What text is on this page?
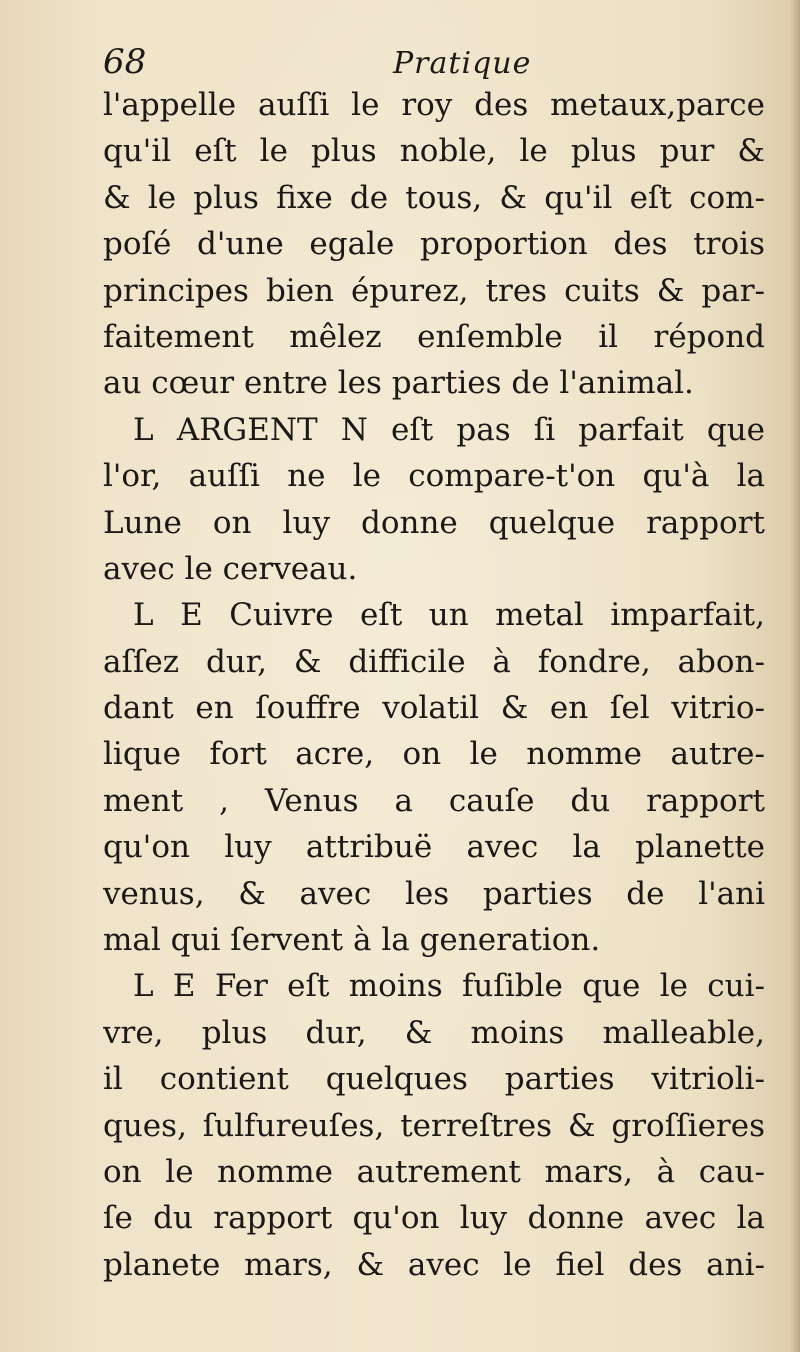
68	Pratique
l'appelle auſſi le roy des metaux,parce
qu'il eſt le plus noble, le plus pur &
& le plus fixe de tous, & qu'il eſt com-
poſé d'une egale proportion des trois
principes bien épurez, tres cuits & par-
faitement mêlez enſemble il répond
au cœur entre les parties de l'animal.
L ARGENT N eſt pas ſi parfait que
l'or, auſſi ne le compare-t'on qu'à la
Lune on luy donne quelque rapport
avec le cerveau.
L E Cuivre eſt un metal imparfait,
aſſez dur, & difficile à fondre, abon-
dant en ſouffre volatil & en ſel vitrio-
lique fort acre, on le nomme autre-
ment , Venus a cauſe du rapport
qu'on luy attribuë avec la planette
venus, & avec les parties de l'ani
mal qui ſervent à la generation.
L E Fer eſt moins fuſible que le cui-
vre, plus dur, & moins malleable,
il contient quelques parties vitrioli-
ques, ſulfureuſes, terreſtres & groſſieres
on le nomme autrement mars, à cau-
ſe du rapport qu'on luy donne avec la
planete mars, & avec le fiel des ani-
